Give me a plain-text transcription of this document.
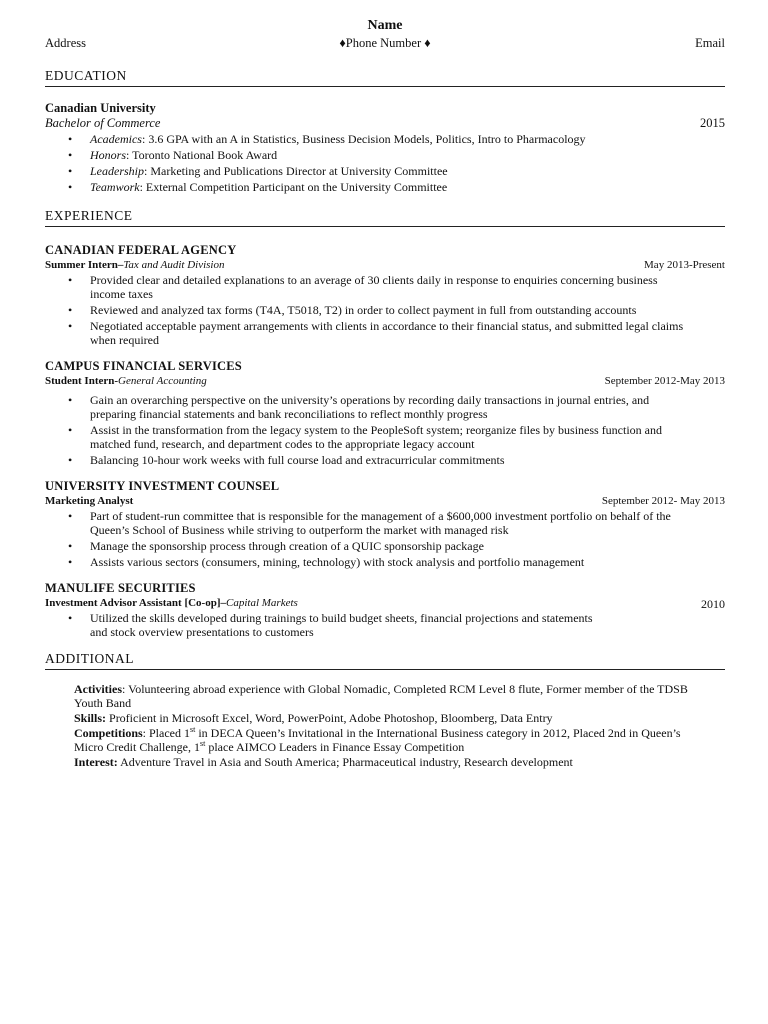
Name
Address	♦Phone Number ♦	Email
EDUCATION
Canadian University
Bachelor of Commerce	2015
• Academics: 3.6 GPA with an A in Statistics, Business Decision Models, Politics, Intro to Pharmacology
• Honors: Toronto National Book Award
• Leadership: Marketing and Publications Director at University Committee
• Teamwork: External Competition Participant on the University Committee
EXPERIENCE
CANADIAN FEDERAL AGENCY
Summer Intern–Tax and Audit Division	May 2013-Present
• Provided clear and detailed explanations to an average of 30 clients daily in response to enquiries concerning business income taxes
• Reviewed and analyzed tax forms (T4A, T5018, T2) in order to collect payment in full from outstanding accounts
• Negotiated acceptable payment arrangements with clients in accordance to their financial status, and submitted legal claims when required
CAMPUS FINANCIAL SERVICES
Student Intern-General Accounting	September 2012-May 2013
• Gain an overarching perspective on the university’s operations by recording daily transactions in journal entries, and preparing financial statements and bank reconciliations to reflect monthly progress
• Assist in the transformation from the legacy system to the PeopleSoft system; reorganize files by business function and matched fund, research, and department codes to the appropriate legacy account
• Balancing 10-hour work weeks with full course load and extracurricular commitments
UNIVERSITY INVESTMENT COUNSEL
Marketing Analyst	September 2012- May 2013
• Part of student-run committee that is responsible for the management of a $600,000 investment portfolio on behalf of the Queen’s School of Business while striving to outperform the market with managed risk
• Manage the sponsorship process through creation of a QUIC sponsorship package
• Assists various sectors (consumers, mining, technology) with stock analysis and portfolio management
MANULIFE SECURITIES
Investment Advisor Assistant [Co-op]–Capital Markets	2010
• Utilized the skills developed during trainings to build budget sheets, financial projections and statements and stock overview presentations to customers
ADDITIONAL

Activities: Volunteering abroad experience with Global Nomadic, Completed RCM Level 8 flute, Former member of the TDSB Youth Band

Skills: Proficient in Microsoft Excel, Word, PowerPoint, Adobe Photoshop, Bloomberg, Data Entry

Competitions: Placed 1st in DECA Queen’s Invitational in the International Business category in 2012, Placed 2nd in Queen’s Micro Credit Challenge, 1st place AIMCO Leaders in Finance Essay Competition

Interest: Adventure Travel in Asia and South America; Pharmaceutical industry, Research development
